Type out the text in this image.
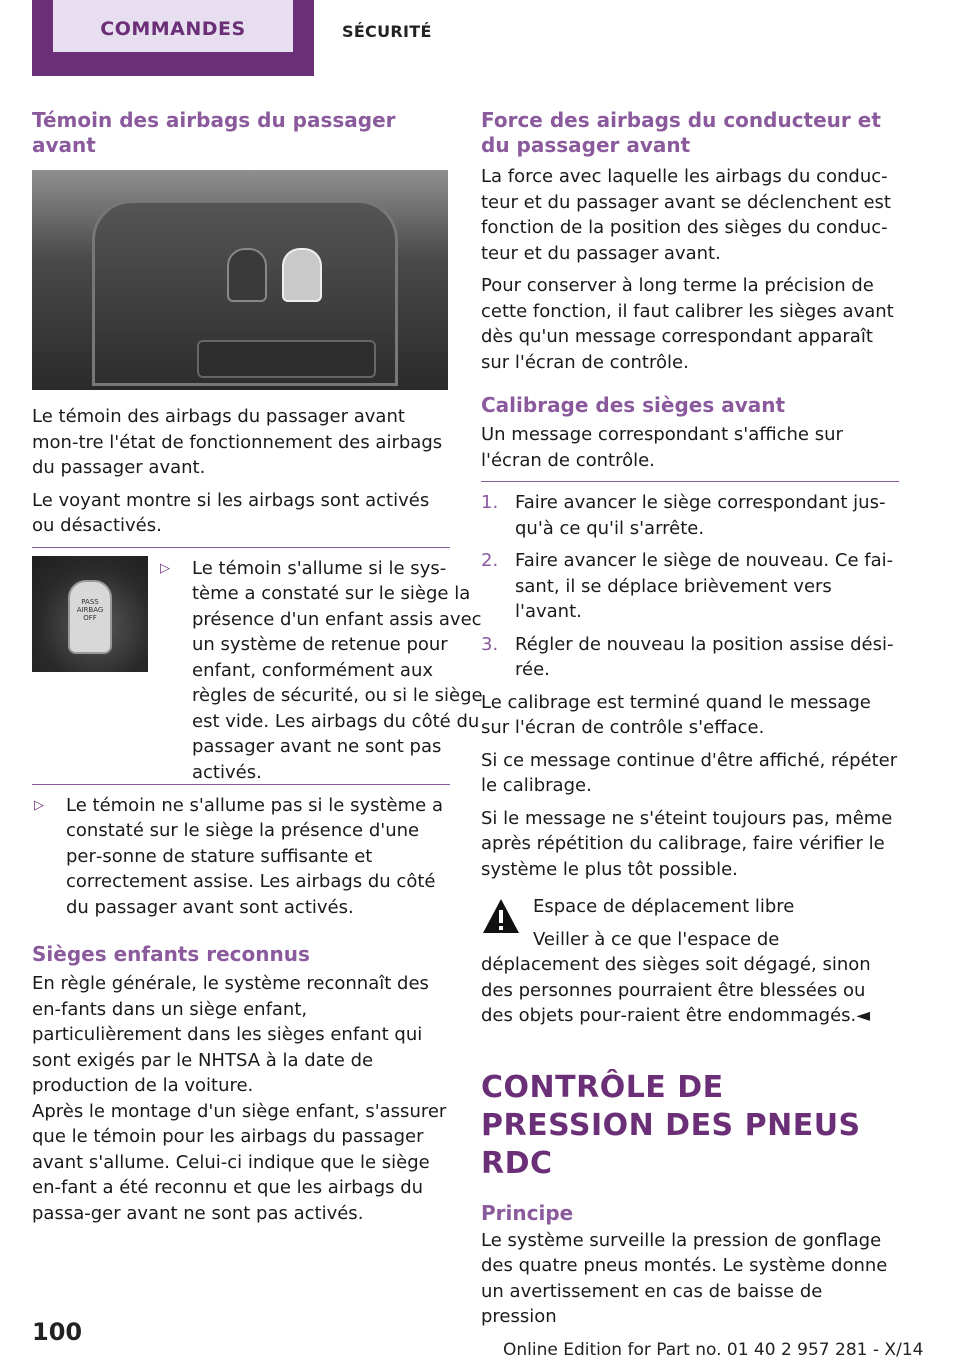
COMMANDES	SÉCURITÉ
Témoin des airbags du passager avant

Le témoin des airbags du passager avant mon‐tre l'état de fonctionnement des airbags du passager avant.

Le voyant montre si les airbags sont activés ou désactivés.

PASS AIRBAG OFF
▷ Le témoin s'allume si le sys‐tème a constaté sur le siège la présence d'un enfant assis avec un système de retenue pour enfant, conformément aux règles de sécurité, ou si le siège est vide. Les airbags du côté du passager avant ne sont pas activés.
▷ Le témoin ne s'allume pas si le système a constaté sur le siège la présence d'une per‐sonne de stature suffisante et correctement assise. Les airbags du côté du passager avant sont activés.
Sièges enfants reconnus

En règle générale, le système reconnaît des en‐fants dans un siège enfant, particulièrement dans les sièges enfant qui sont exigés par le NHTSA à la date de production de la voiture.

Après le montage d'un siège enfant, s'assurer que le témoin pour les airbags du passager avant s'allume. Celui-ci indique que le siège en‐fant a été reconnu et que les airbags du passa‐ger avant ne sont pas activés.

Force des airbags du conducteur et du passager avant

La force avec laquelle les airbags du conduc‐teur et du passager avant se déclenchent est fonction de la position des sièges du conduc‐teur et du passager avant.

Pour conserver à long terme la précision de cette fonction, il faut calibrer les sièges avant dès qu'un message correspondant apparaît sur l'écran de contrôle.

Calibrage des sièges avant

Un message correspondant s'affiche sur l'écran de contrôle.

1. Faire avancer le siège correspondant jus‐qu'à ce qu'il s'arrête.
2. Faire avancer le siège de nouveau. Ce fai‐sant, il se déplace brièvement vers l'avant.
3. Régler de nouveau la position assise dési‐rée.

Le calibrage est terminé quand le message sur l'écran de contrôle s'efface.

Si ce message continue d'être affiché, répéter le calibrage.

Si le message ne s'éteint toujours pas, même après répétition du calibrage, faire vérifier le système le plus tôt possible.

Espace de déplacement libre
Veiller à ce que l'espace de déplacement des sièges soit dégagé, sinon des personnes pourraient être blessées ou des objets pour‐raient être endommagés.◄
CONTRÔLE DE PRESSION DES PNEUS RDC
Principe

Le système surveille la pression de gonflage des quatre pneus montés. Le système donne un avertissement en cas de baisse de pression

100
Online Edition for Part no. 01 40 2 957 281 - X/14
